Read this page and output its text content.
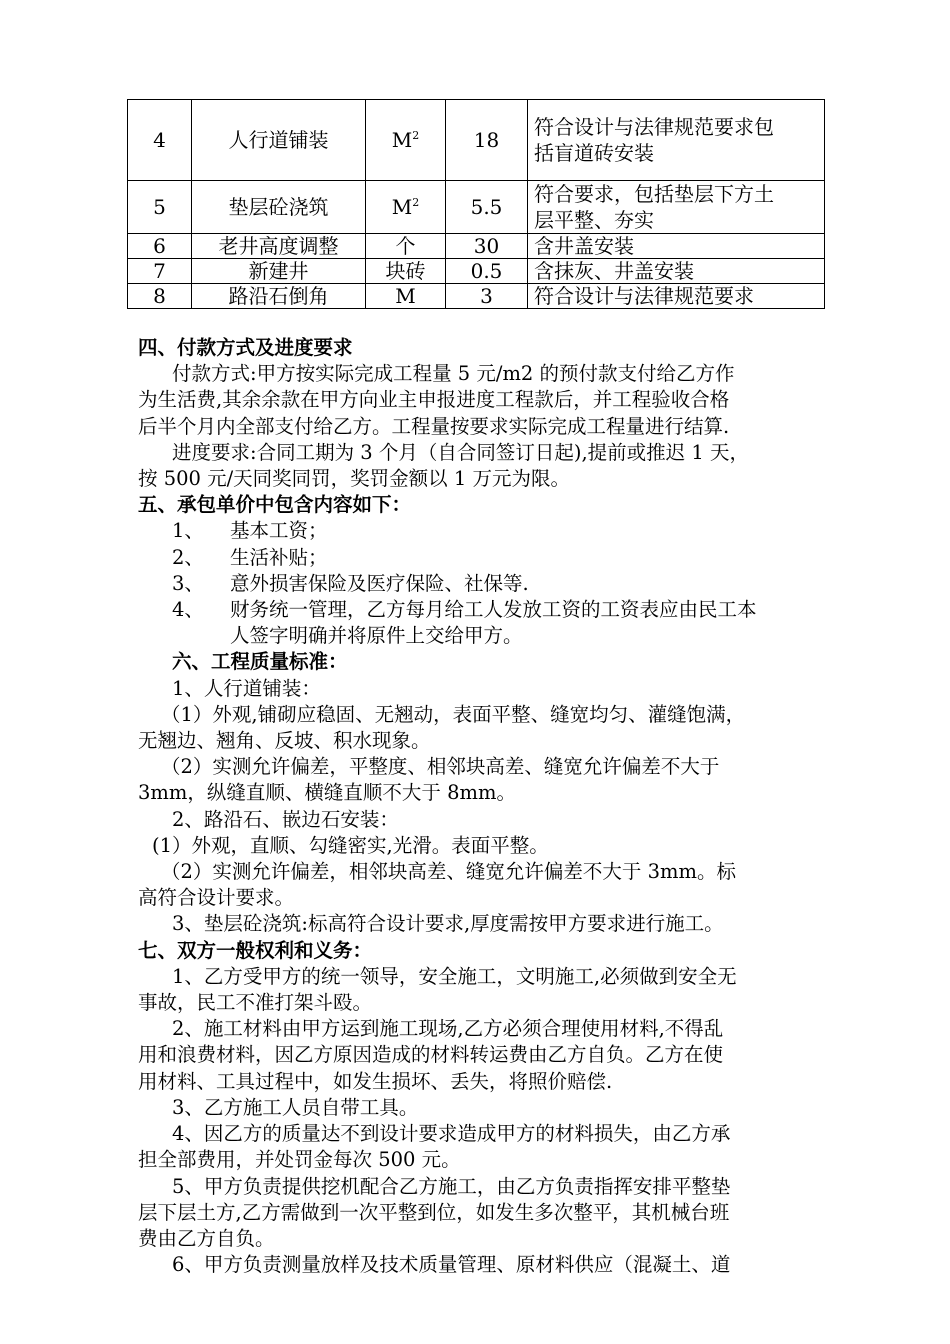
4	人行道铺装	$M^2$	18	符合设计与法律规范要求包
括盲道砖安装

5	垫层砼浇筑	$M^2$	5.5	符合要求，包括垫层下方土
层平整、夯实

6	老井高度调整	个	30	含井盖安装
7	新建井	块砖	0.5	含抹灰、井盖安装
8	路沿石倒角	M	3	符合设计与法律规范要求

四、付款方式及进度要求

付款方式:甲方按实际完成工程量 5 元/m2 的预付款支付给乙方作

为生活费,其余余款在甲方向业主申报进度工程款后，并工程验收合格

后半个月内全部支付给乙方。工程量按要求实际完成工程量进行结算.

进度要求:合同工期为 3 个月（自合同签订日起),提前或推迟 1 天，

按 500 元/天同奖同罚，奖罚金额以 1 万元为限。

五、承包单价中包含内容如下：

1、	基本工资；
2、	生活补贴；
3、	意外损害保险及医疗保险、社保等.
4、	财务统一管理，乙方每月给工人发放工资的工资表应由民工本

人签字明确并将原件上交给甲方。

六、工程质量标准：

1、人行道铺装：

（1）外观,铺砌应稳固、无翘动，表面平整、缝宽均匀、灌缝饱满，

无翘边、翘角、反坡、积水现象。

（2）实测允许偏差，平整度、相邻块高差、缝宽允许偏差不大于

3mm，纵缝直顺、横缝直顺不大于 8mm。

2、路沿石、嵌边石安装：

(1）外观，直顺、勾缝密实,光滑。表面平整。

（2）实测允许偏差，相邻块高差、缝宽允许偏差不大于 3mm。标

高符合设计要求。

3、垫层砼浇筑:标高符合设计要求,厚度需按甲方要求进行施工。

七、双方一般权利和义务：

1、乙方受甲方的统一领导，安全施工，文明施工,必须做到安全无

事故，民工不准打架斗殴。

2、施工材料由甲方运到施工现场,乙方必须合理使用材料,不得乱

用和浪费材料，因乙方原因造成的材料转运费由乙方自负。乙方在使

用材料、工具过程中，如发生损坏、丢失，将照价赔偿.

3、乙方施工人员自带工具。

4、因乙方的质量达不到设计要求造成甲方的材料损失，由乙方承

担全部费用，并处罚金每次 500 元。

5、甲方负责提供挖机配合乙方施工，由乙方负责指挥安排平整垫

层下层土方,乙方需做到一次平整到位，如发生多次整平，其机械台班

费由乙方自负。

6、甲方负责测量放样及技术质量管理、原材料供应（混凝土、道
